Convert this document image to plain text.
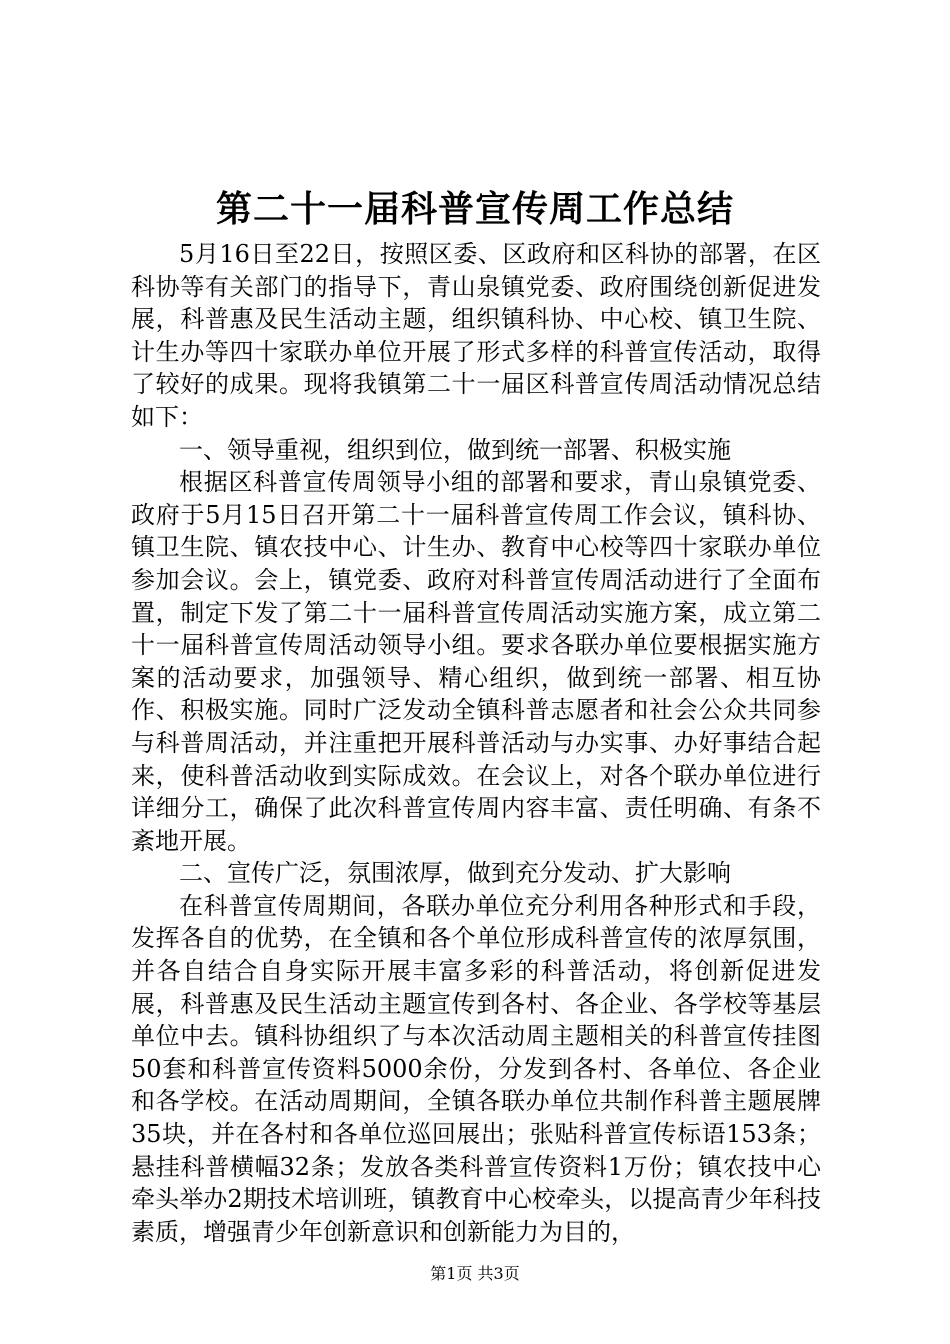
第二十一届科普宣传周工作总结

5月16日至22日，按照区委、区政府和区科协的部署，在区科协等有关部门的指导下，青山泉镇党委、政府围绕创新促进发展，科普惠及民生活动主题，组织镇科协、中心校、镇卫生院、计生办等四十家联办单位开展了形式多样的科普宣传活动，取得了较好的成果。现将我镇第二十一届区科普宣传周活动情况总结如下：

一、领导重视，组织到位，做到统一部署、积极实施

根据区科普宣传周领导小组的部署和要求，青山泉镇党委、政府于5月15日召开第二十一届科普宣传周工作会议，镇科协、镇卫生院、镇农技中心、计生办、教育中心校等四十家联办单位参加会议。会上，镇党委、政府对科普宣传周活动进行了全面布置，制定下发了第二十一届科普宣传周活动实施方案，成立第二十一届科普宣传周活动领导小组。要求各联办单位要根据实施方案的活动要求，加强领导、精心组织，做到统一部署、相互协作、积极实施。同时广泛发动全镇科普志愿者和社会公众共同参与科普周活动，并注重把开展科普活动与办实事、办好事结合起来，使科普活动收到实际成效。在会议上，对各个联办单位进行详细分工，确保了此次科普宣传周内容丰富、责任明确、有条不紊地开展。

二、宣传广泛，氛围浓厚，做到充分发动、扩大影响

在科普宣传周期间，各联办单位充分利用各种形式和手段，发挥各自的优势，在全镇和各个单位形成科普宣传的浓厚氛围，并各自结合自身实际开展丰富多彩的科普活动，将创新促进发展，科普惠及民生活动主题宣传到各村、各企业、各学校等基层单位中去。镇科协组织了与本次活动周主题相关的科普宣传挂图50套和科普宣传资料5000余份，分发到各村、各单位、各企业和各学校。在活动周期间，全镇各联办单位共制作科普主题展牌35块，并在各村和各单位巡回展出；张贴科普宣传标语153条；悬挂科普横幅32条；发放各类科普宣传资料1万份；镇农技中心牵头举办2期技术培训班，镇教育中心校牵头，以提高青少年科技素质，增强青少年创新意识和创新能力为目的，

第1页 共3页
